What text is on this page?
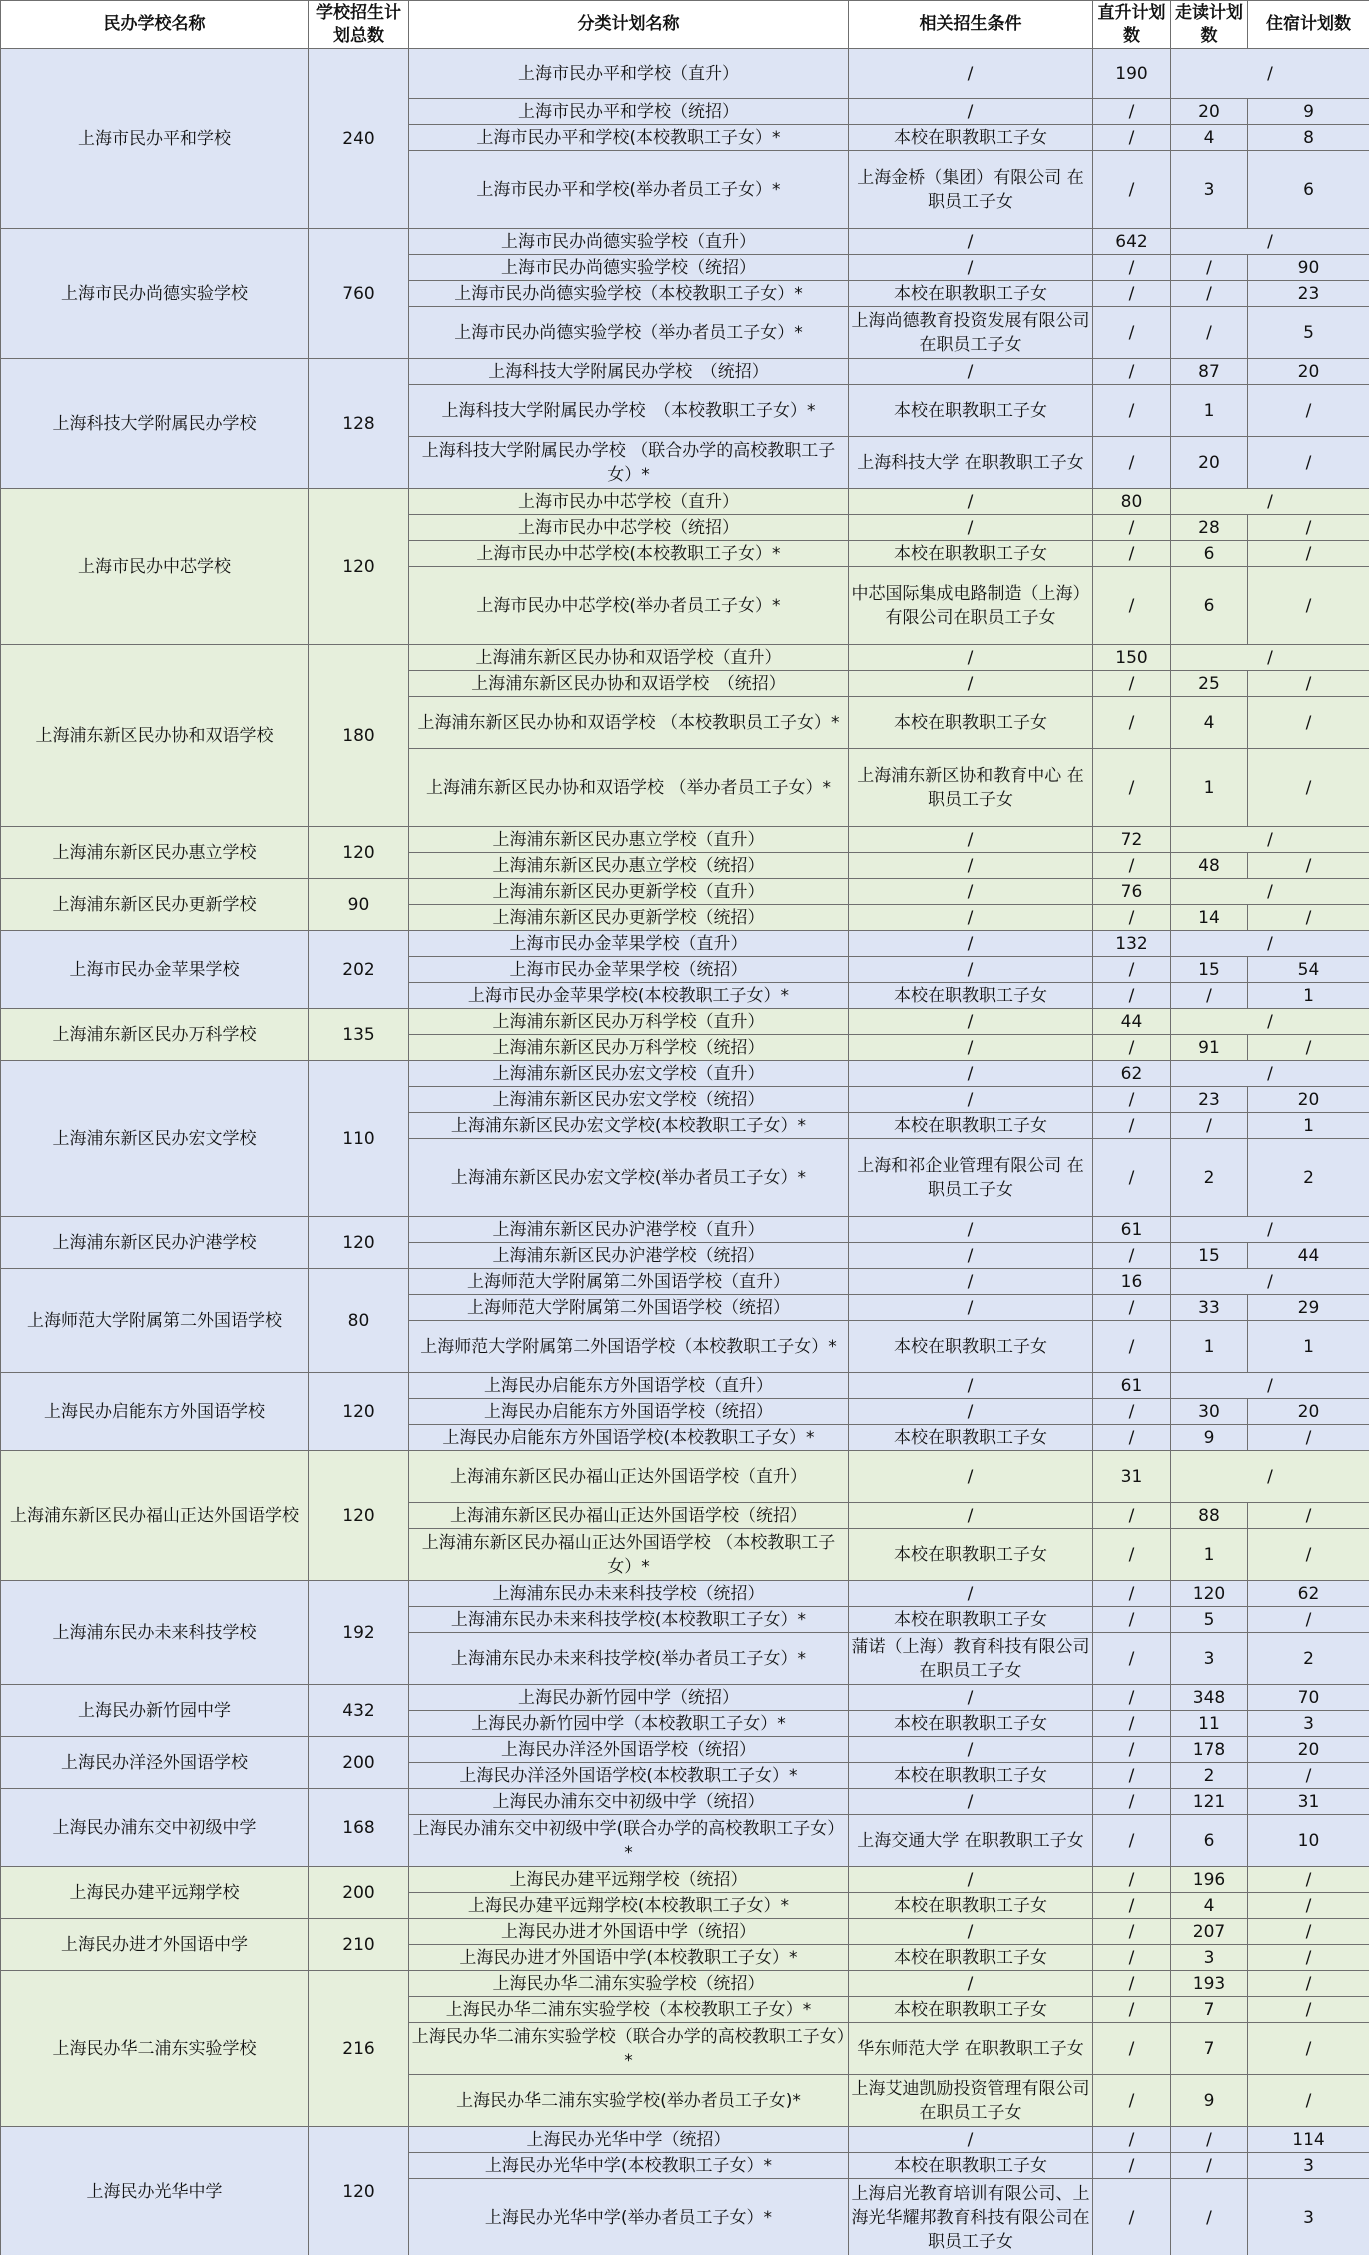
民办学校名称	学校招生计划总数	分类计划名称	相关招生条件	直升计划数	走读计划数	住宿计划数
上海市民办平和学校	240	上海市民办平和学校（直升）	/	190	/	
		上海市民办平和学校（统招）	/	/	20	9
		上海市民办平和学校(本校教职工子女）*	本校在职教职工子女	/	4	8
		上海市民办平和学校(举办者员工子女）*	上海金桥（集团）有限公司 在职员工子女	/	3	6
上海市民办尚德实验学校	760	上海市民办尚德实验学校（直升）	/	642	/	
		上海市民办尚德实验学校（统招）	/	/	/	90
		上海市民办尚德实验学校（本校教职工子女）*	本校在职教职工子女	/	/	23
		上海市民办尚德实验学校（举办者员工子女）*	上海尚德教育投资发展有限公司在职员工子女	/	/	5
上海科技大学附属民办学校	128	上海科技大学附属民办学校　（统招）	/	/	87	20
		上海科技大学附属民办学校　（本校教职工子女）*	本校在职教职工子女	/	1	/
		上海科技大学附属民办学校 （联合办学的高校教职工子女）*	上海科技大学 在职教职工子女	/	20	/
上海市民办中芯学校	120	上海市民办中芯学校（直升）	/	80	/	
		上海市民办中芯学校（统招）	/	/	28	/
		上海市民办中芯学校(本校教职工子女）*	本校在职教职工子女	/	6	/
		上海市民办中芯学校(举办者员工子女）*	中芯国际集成电路制造（上海）有限公司在职员工子女	/	6	/
上海浦东新区民办协和双语学校	180	上海浦东新区民办协和双语学校（直升）	/	150	/	
		上海浦东新区民办协和双语学校　（统招）	/	/	25	/
		上海浦东新区民办协和双语学校 （本校教职员工子女）*	本校在职教职工子女	/	4	/
		上海浦东新区民办协和双语学校 （举办者员工子女）*	上海浦东新区协和教育中心 在职员工子女	/	1	/
上海浦东新区民办惠立学校	120	上海浦东新区民办惠立学校（直升）	/	72	/	
		上海浦东新区民办惠立学校（统招）	/	/	48	/
上海浦东新区民办更新学校	90	上海浦东新区民办更新学校（直升）	/	76	/	
		上海浦东新区民办更新学校（统招）	/	/	14	/
上海市民办金苹果学校	202	上海市民办金苹果学校（直升）	/	132	/	
		上海市民办金苹果学校（统招）	/	/	15	54
		上海市民办金苹果学校(本校教职工子女）*	本校在职教职工子女	/	/	1
上海浦东新区民办万科学校	135	上海浦东新区民办万科学校（直升）	/	44	/	
		上海浦东新区民办万科学校（统招）	/	/	91	/
上海浦东新区民办宏文学校	110	上海浦东新区民办宏文学校（直升）	/	62	/	
		上海浦东新区民办宏文学校（统招）	/	/	23	20
		上海浦东新区民办宏文学校(本校教职工子女）*	本校在职教职工子女	/	/	1
		上海浦东新区民办宏文学校(举办者员工子女）*	上海和祁企业管理有限公司 在职员工子女	/	2	2
上海浦东新区民办沪港学校	120	上海浦东新区民办沪港学校（直升）	/	61	/	
		上海浦东新区民办沪港学校（统招）	/	/	15	44
上海师范大学附属第二外国语学校	80	上海师范大学附属第二外国语学校（直升）	/	16	/	
		上海师范大学附属第二外国语学校（统招）	/	/	33	29
		上海师范大学附属第二外国语学校（本校教职工子女）*	本校在职教职工子女	/	1	1
上海民办启能东方外国语学校	120	上海民办启能东方外国语学校（直升）	/	61	/	
		上海民办启能东方外国语学校（统招）	/	/	30	20
		上海民办启能东方外国语学校(本校教职工子女）*	本校在职教职工子女	/	9	/
上海浦东新区民办福山正达外国语学校	120	上海浦东新区民办福山正达外国语学校（直升）	/	31	/	
		上海浦东新区民办福山正达外国语学校（统招）	/	/	88	/
		上海浦东新区民办福山正达外国语学校 （本校教职工子女）*	本校在职教职工子女	/	1	/
上海浦东民办未来科技学校	192	上海浦东民办未来科技学校（统招）	/	/	120	62
		上海浦东民办未来科技学校(本校教职工子女）*	本校在职教职工子女	/	5	/
		上海浦东民办未来科技学校(举办者员工子女）*	蒲诺（上海）教育科技有限公司在职员工子女	/	3	2
上海民办新竹园中学	432	上海民办新竹园中学（统招）	/	/	348	70
		上海民办新竹园中学（本校教职工子女）*	本校在职教职工子女	/	11	3
上海民办洋泾外国语学校	200	上海民办洋泾外国语学校（统招）	/	/	178	20
		上海民办洋泾外国语学校(本校教职工子女）*	本校在职教职工子女	/	2	/
上海民办浦东交中初级中学	168	上海民办浦东交中初级中学（统招）	/	/	121	31
		上海民办浦东交中初级中学(联合办学的高校教职工子女）*	上海交通大学 在职教职工子女	/	6	10
上海民办建平远翔学校	200	上海民办建平远翔学校（统招）	/	/	196	/
		上海民办建平远翔学校(本校教职工子女）*	本校在职教职工子女	/	4	/
上海民办进才外国语中学	210	上海民办进才外国语中学（统招）	/	/	207	/
		上海民办进才外国语中学(本校教职工子女）*	本校在职教职工子女	/	3	/
上海民办华二浦东实验学校	216	上海民办华二浦东实验学校（统招）	/	/	193	/
		上海民办华二浦东实验学校（本校教职工子女）*	本校在职教职工子女	/	7	/
		上海民办华二浦东实验学校（联合办学的高校教职工子女）*	华东师范大学 在职教职工子女	/	7	/
		上海民办华二浦东实验学校(举办者员工子女)*	上海艾迪凯励投资管理有限公司在职员工子女	/	9	/
上海民办光华中学	120	上海民办光华中学（统招）	/	/	/	114
		上海民办光华中学(本校教职工子女）*	本校在职教职工子女	/	/	3
		上海民办光华中学(举办者员工子女）*	上海启光教育培训有限公司、上海光华耀邦教育科技有限公司在职员工子女	/	/	3
